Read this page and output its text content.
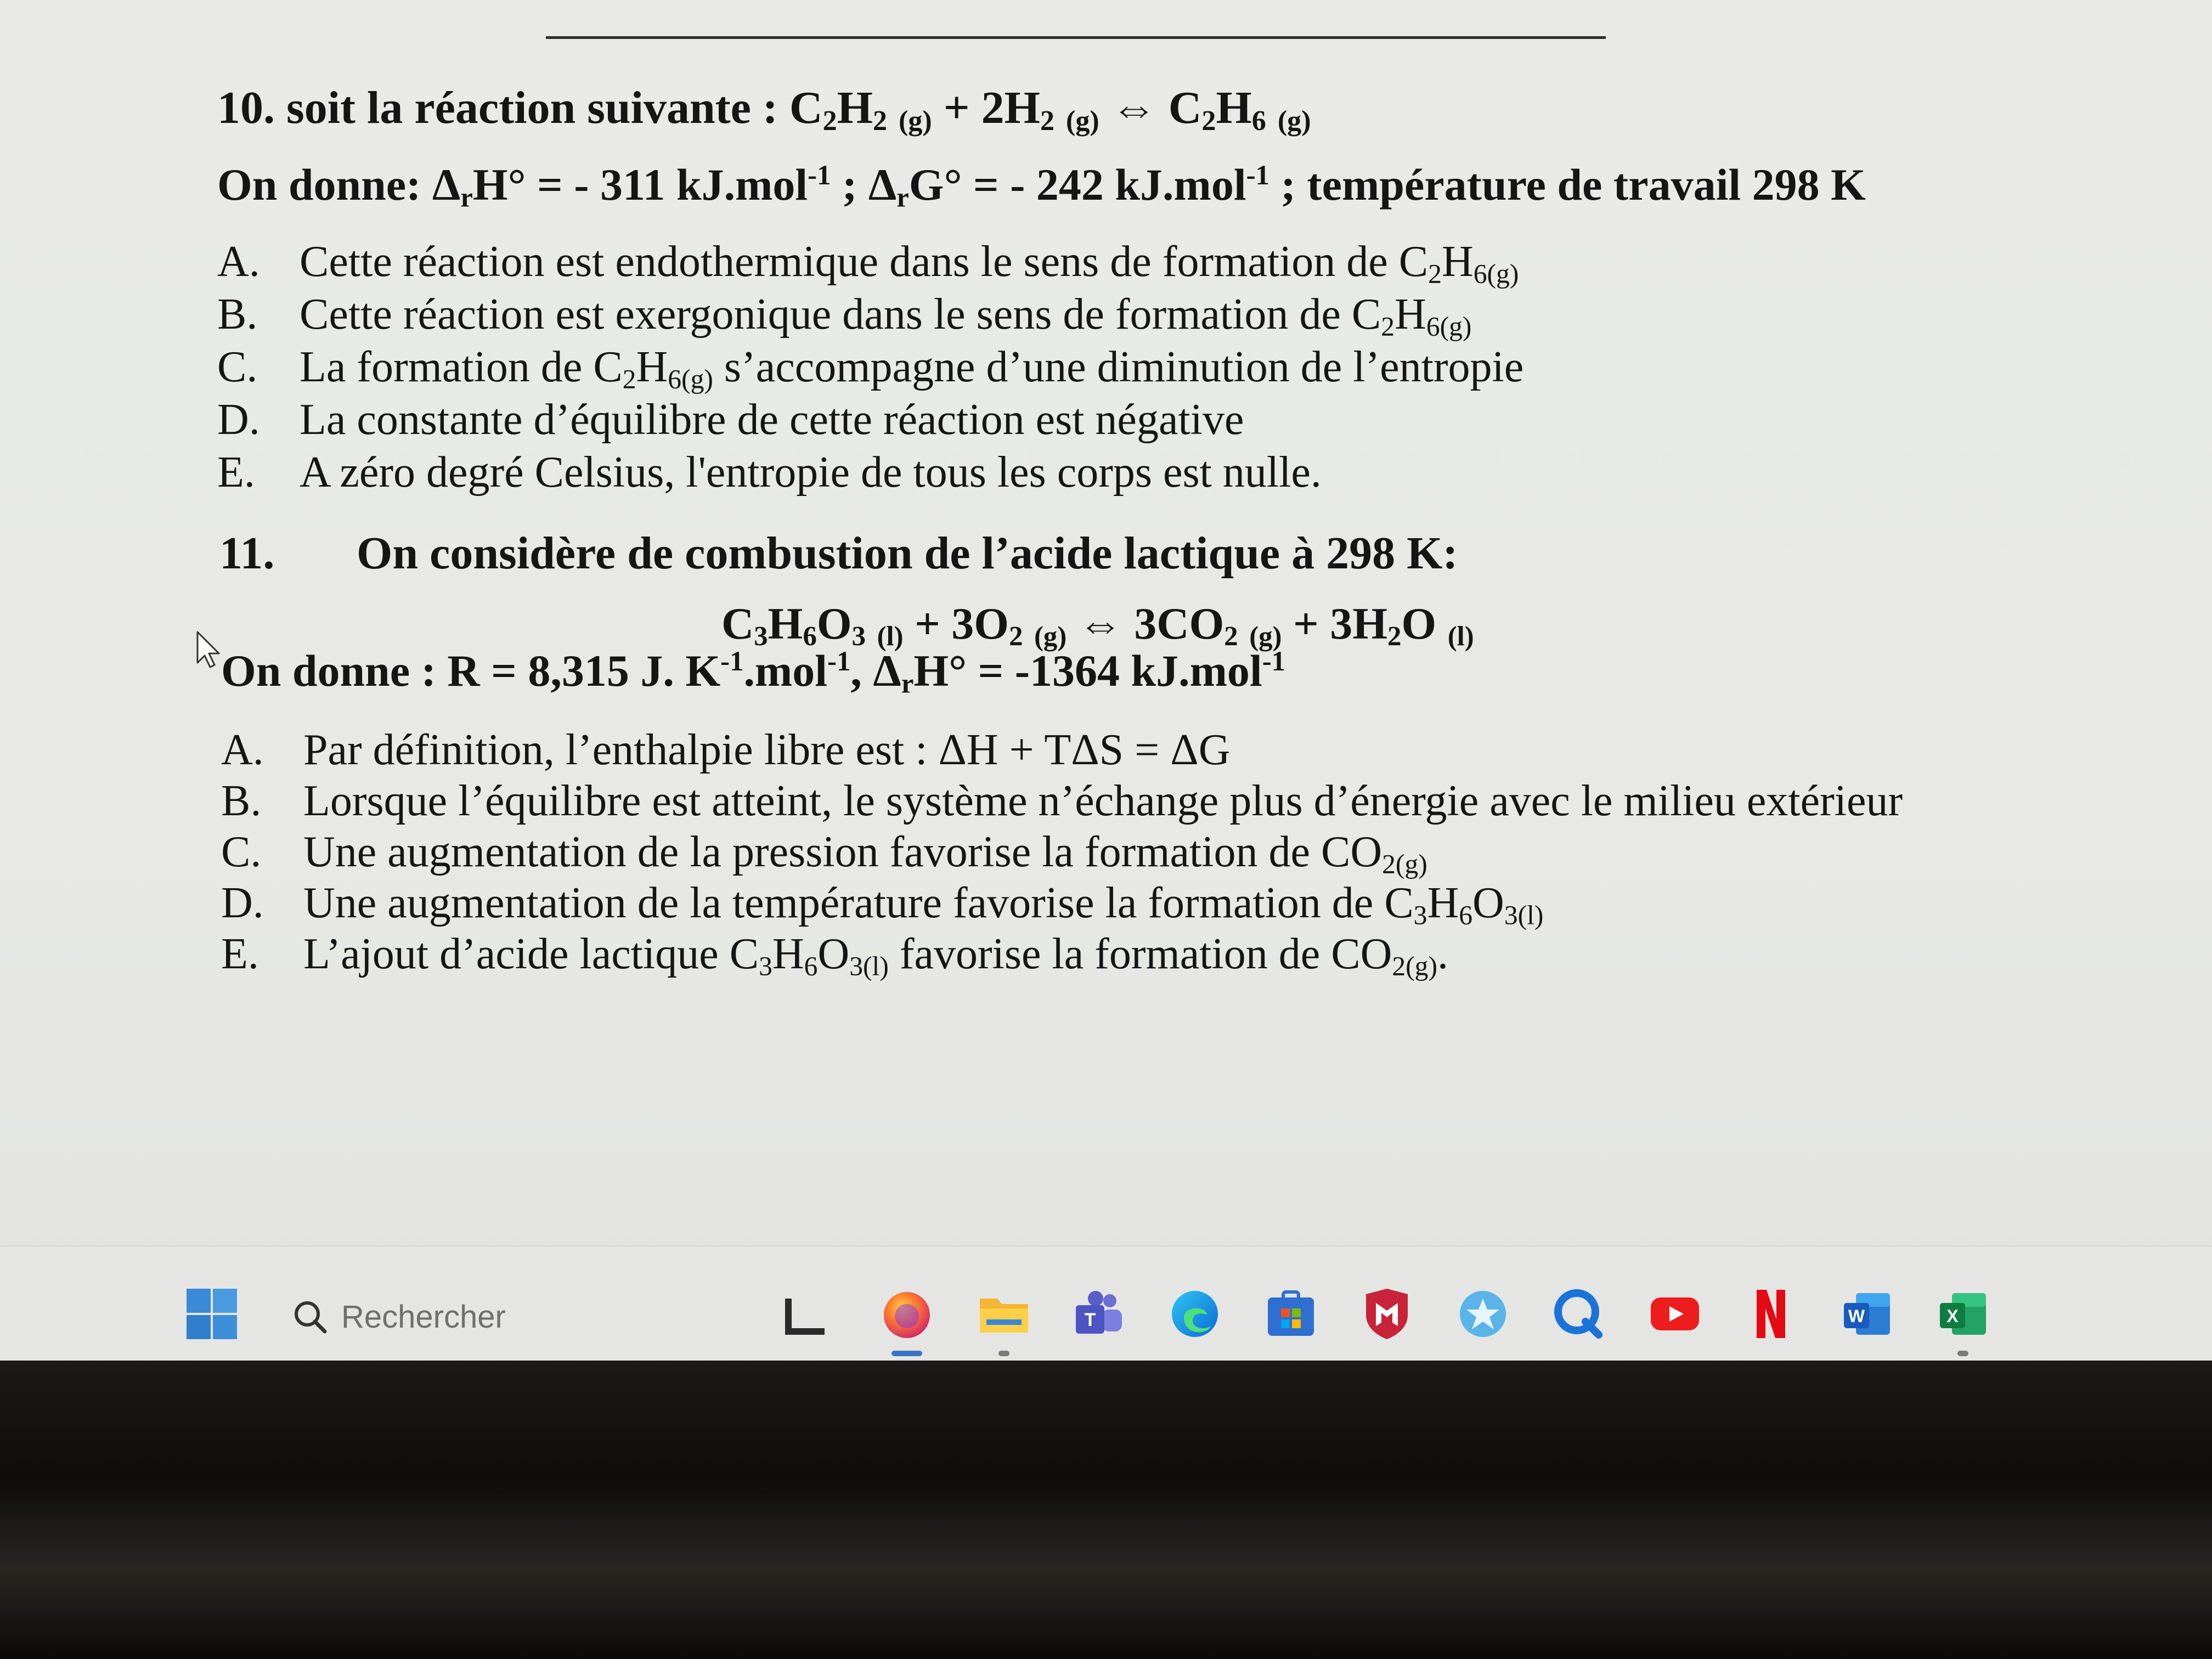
10. soit la réaction suivante : $C_2H_2$ $_{(g)} + 2H_2$ $_{(g)}$ ⇔ $C_2H_6$ $_{(g)}$
On donne: $\Delta_rH^\circ$ = - 311 kJ.mol$^{-1}$ ; $\Delta_rG^\circ$ = - 242 kJ.mol$^{-1}$ ; température de travail 298 K
A. Cette réaction est endothermique dans le sens de formation de $C_2H_{6(g)}$
B. Cette réaction est exergonique dans le sens de formation de $C_2H_{6(g)}$
C. La formation de $C_2H_{6(g)}$ s’accompagne d’une diminution de l’entropie
D. La constante d’équilibre de cette réaction est négative
E. A zéro degré Celsius, l'entropie de tous les corps est nulle.
11. On considère de combustion de l’acide lactique à 298 K:
$C_3H_6O_3$ $_{(l)} + 3O_2$ $_{(g)}$ ⇔ $3CO_2$ $_{(g)} + 3H_2O$ $_{(l)}$
On donne : R = 8,315 J. $K^{-1}.mol^{-1}$, $\Delta_rH^\circ = -1364$ kJ.mol$^{-1}$
A. Par définition, l’enthalpie libre est : ΔH + TΔS = ΔG
B. Lorsque l’équilibre est atteint, le système n’échange plus d’énergie avec le milieu extérieur
C. Une augmentation de la pression favorise la formation de $CO_{2(g)}$
D. Une augmentation de la température favorise la formation de $C_3H_6O_{3(l)}$
E. L’ajout d’acide lactique $C_3H_6O_{3(l)}$ favorise la formation de $CO_{2(g)}$.
Rechercher	T	W	X
